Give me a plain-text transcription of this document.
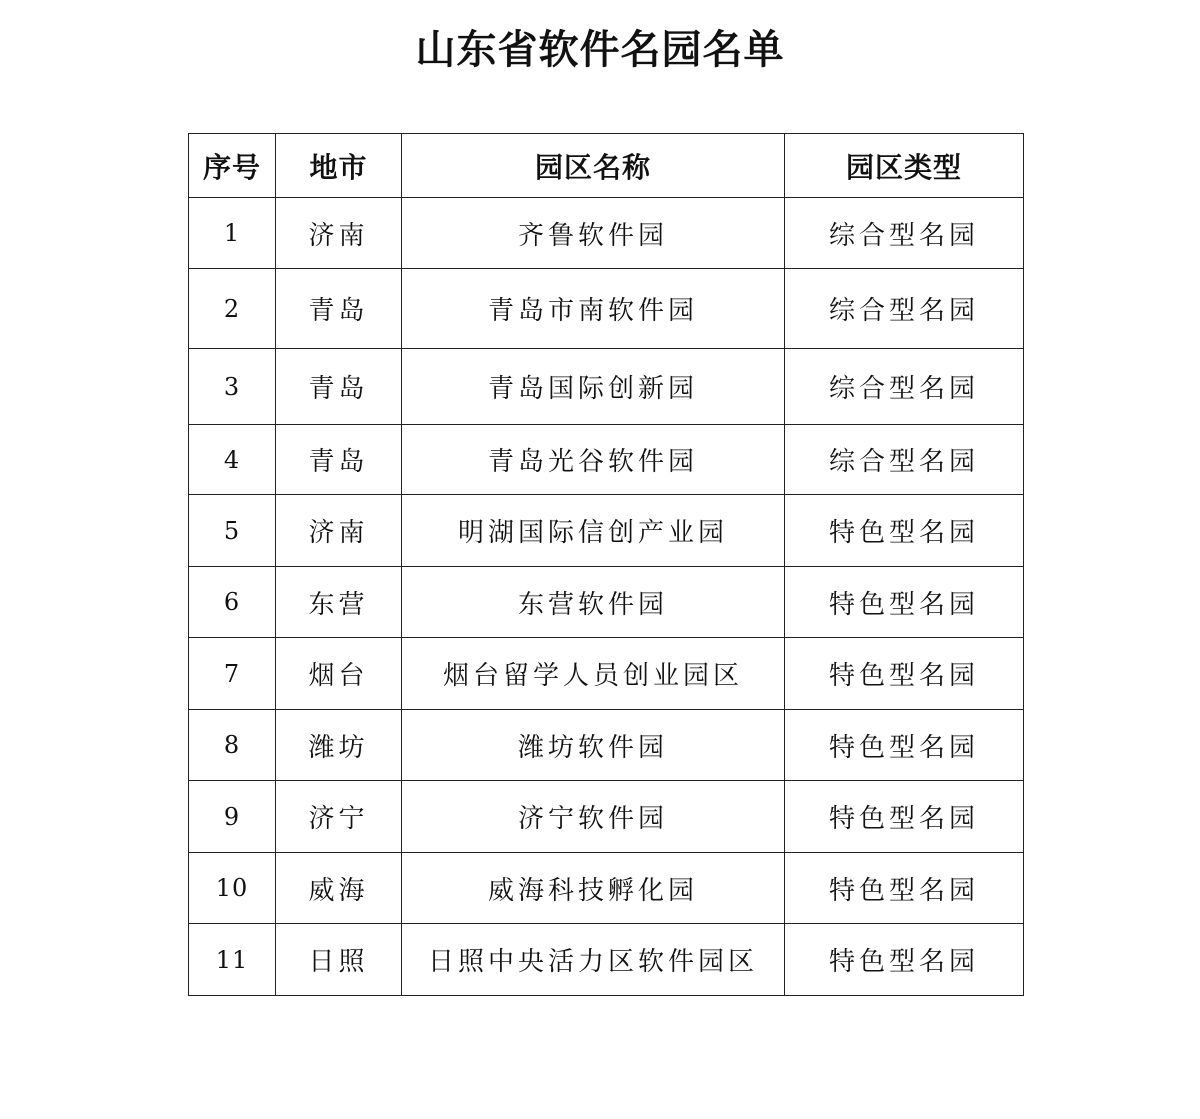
山东省软件名园名单
序号	地市	园区名称	园区类型
1	济南	齐鲁软件园	综合型名园
2	青岛	青岛市南软件园	综合型名园
3	青岛	青岛国际创新园	综合型名园
4	青岛	青岛光谷软件园	综合型名园
5	济南	明湖国际信创产业园	特色型名园
6	东营	东营软件园	特色型名园
7	烟台	烟台留学人员创业园区	特色型名园
8	潍坊	潍坊软件园	特色型名园
9	济宁	济宁软件园	特色型名园
10	威海	威海科技孵化园	特色型名园
11	日照	日照中央活力区软件园区	特色型名园
